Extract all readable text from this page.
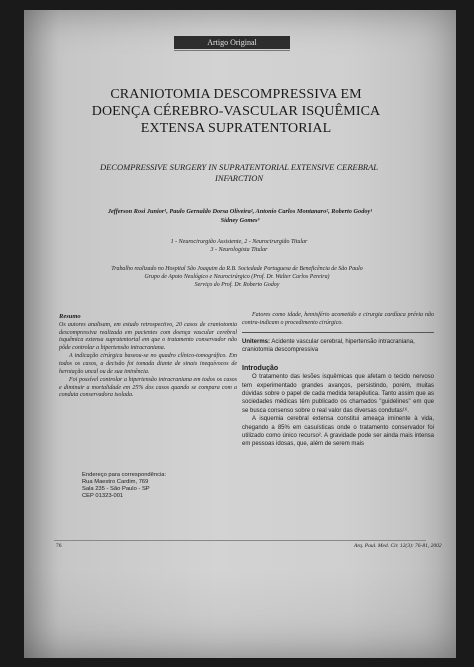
Artigo Original
CRANIOTOMIA DESCOMPRESSIVA EM
DOENÇA CÉREBRO-VASCULAR ISQUÊMICA
EXTENSA SUPRATENTORIAL
DECOMPRESSIVE SURGERY IN SUPRATENTORIAL EXTENSIVE CEREBRAL
INFARCTION
Jefferson Rosi Junior¹, Paulo Gernaldo Dorsa Oliveira², Antonio Carlos Montanaro², Roberto Godoy¹
Sidney Gomes³
1 - Neurocirurgião Assistente, 2 - Neurocirurgião Titular
3 - Neurologista Titular
Trabalho realizado no Hospital São Joaquim da R.B. Sociedade Portuguesa de Beneficência de São Paulo
Grupo de Apoio Neulógico e Neurocirúrgico (Prof. Dr. Walter Carlos Pereira)
Serviço do Prof. Dr. Roberto Godoy
Resumo

Os autores analisam, em estudo retrospectivo, 20 casos de craniotomia descompressiva realizada em pacientes com doença vascular cerebral isquêmica extensa supratentorial em que o tratamento conservador não pôde controlar a hipertensão intracraniana.

A indicação cirúrgica baseou-se no quadro clínico-tomográfico. Em todos os casos, a decisão foi tomada diante de sinais inequívocos de herniação uncal ou de sua iminência.

Foi possível controlar a hipertensão intracraniana em todos os casos e diminuir a mortalidade em 25% dos casos quando se compara com a conduta conservadora isolada.

Endereço para correspondência:
Rua Maestro Cardim, 769
Sala 235 - São Paulo - SP
CEP 01323-001

Fatores como idade, hemisfério acometido e cirurgia cardíaca prévia não contra-indicam o procedimento cirúrgico.

Uniterms: Acidente vascular cerebral, hipertensão intracraniana, craniotomia descompressiva
Introdução

O tratamento das lesões isquêmicas que afetam o tecido nervoso tem experimentado grandes avanços, persistindo, porém, muitas dúvidas sobre o papel de cada medida terapêutica. Tanto assim que as sociedades médicas têm publicado os chamados "guidelines" em que se busca consenso sobre o real valor das diversas condutas¹⁶.

A isquemia cerebral extensa constitui ameaça iminente à vida, chegando a 85% em casuísticas onde o tratamento conservador foi utilizado como único recurso². A gravidade pode ser ainda mais intensa em pessoas idosas, que, além de serem mais

76	Arq. Paul. Med. Cir. 12(3): 76-81, 2002
